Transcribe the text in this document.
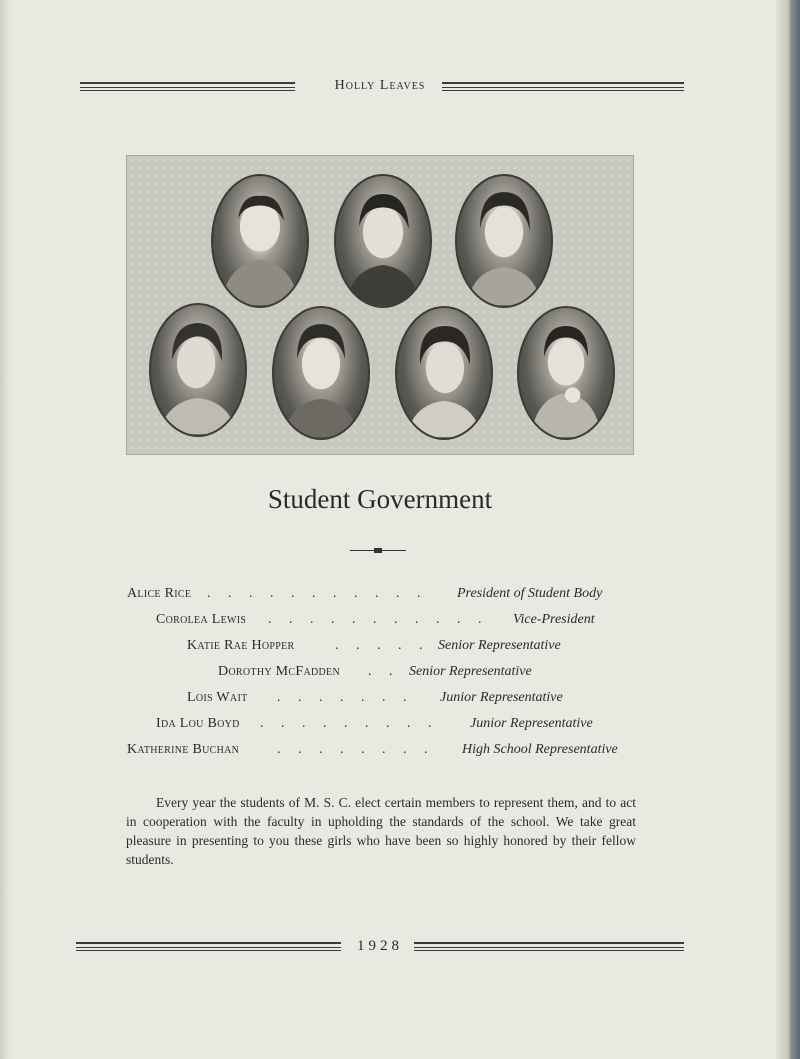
Holly Leaves
Student Government
Alice Rice . . . . . . . . . . . President of Student Body
Corolea Lewis . . . . . . . . . . . Vice-President
Katie Rae Hopper	. . . . . Senior Representative
Dorothy McFadden . . Senior Representative
Lois Wait . . . . . . . Junior Representative
Ida Lou Boyd . . . . . . . . . Junior Representative
Katherine Buchan	. . . . . . . . High School Representative
Every year the students of M. S. C. elect certain members to represent them, and to act in cooperation with the faculty in upholding the standards of the school. We take great pleasure in presenting to you these girls who have been so highly honored by their fellow students.
1928
